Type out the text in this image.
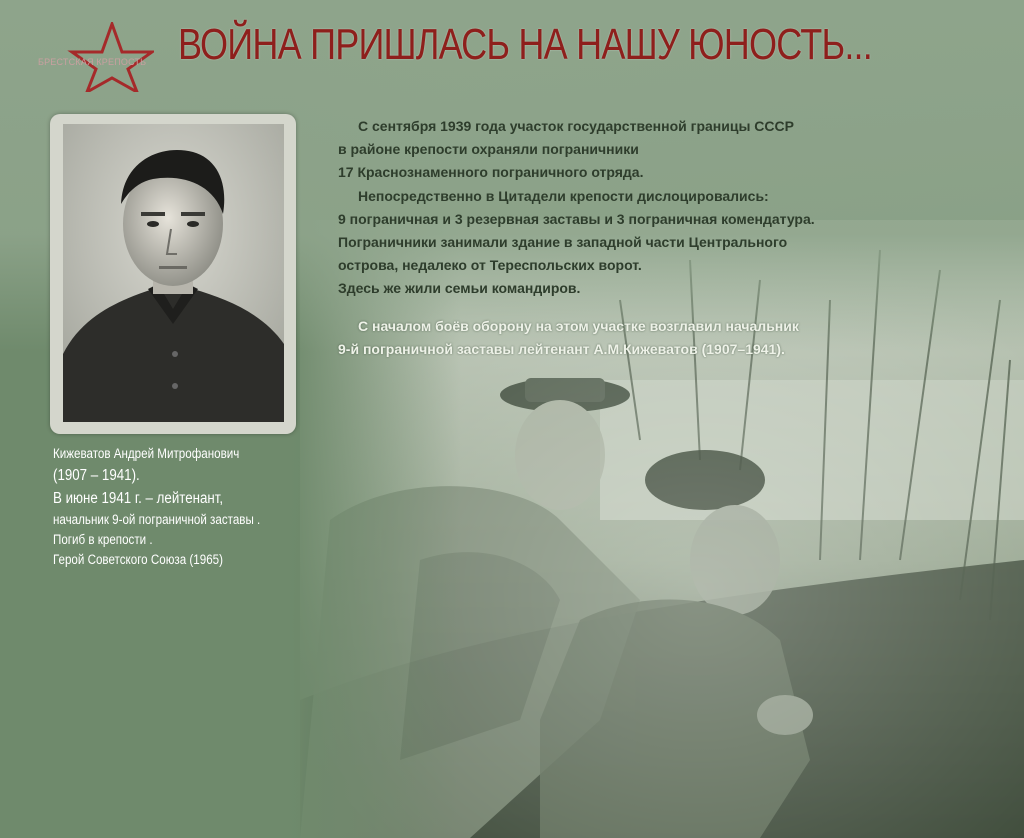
БРЕСТСКАЯ КРЕПОСТЬ ВОЙНА ПРИШЛАСЬ НА НАШУ ЮНОСТЬ...
Кижеватов Андрей Митрофанович
(1907 – 1941).
В июне 1941 г. – лейтенант,
начальник 9-ой пограничной заставы .
Погиб в крепости .
Герой Советского Союза (1965)
С сентября 1939 года участок государственной границы СССР
в районе крепости охраняли пограничники
17 Краснознаменного пограничного отряда.
Непосредственно в Цитадели крепости дислоцировались:
9 пограничная и 3 резервная заставы и 3 пограничная комендатура.
Пограничники занимали здание в западной части Центрального
острова, недалеко от Тереспольских ворот.
Здесь же жили семьи командиров.
С началом боёв оборону на этом участке возглавил начальник
9-й пограничной заставы лейтенант А.М.Кижеватов (1907–1941).
